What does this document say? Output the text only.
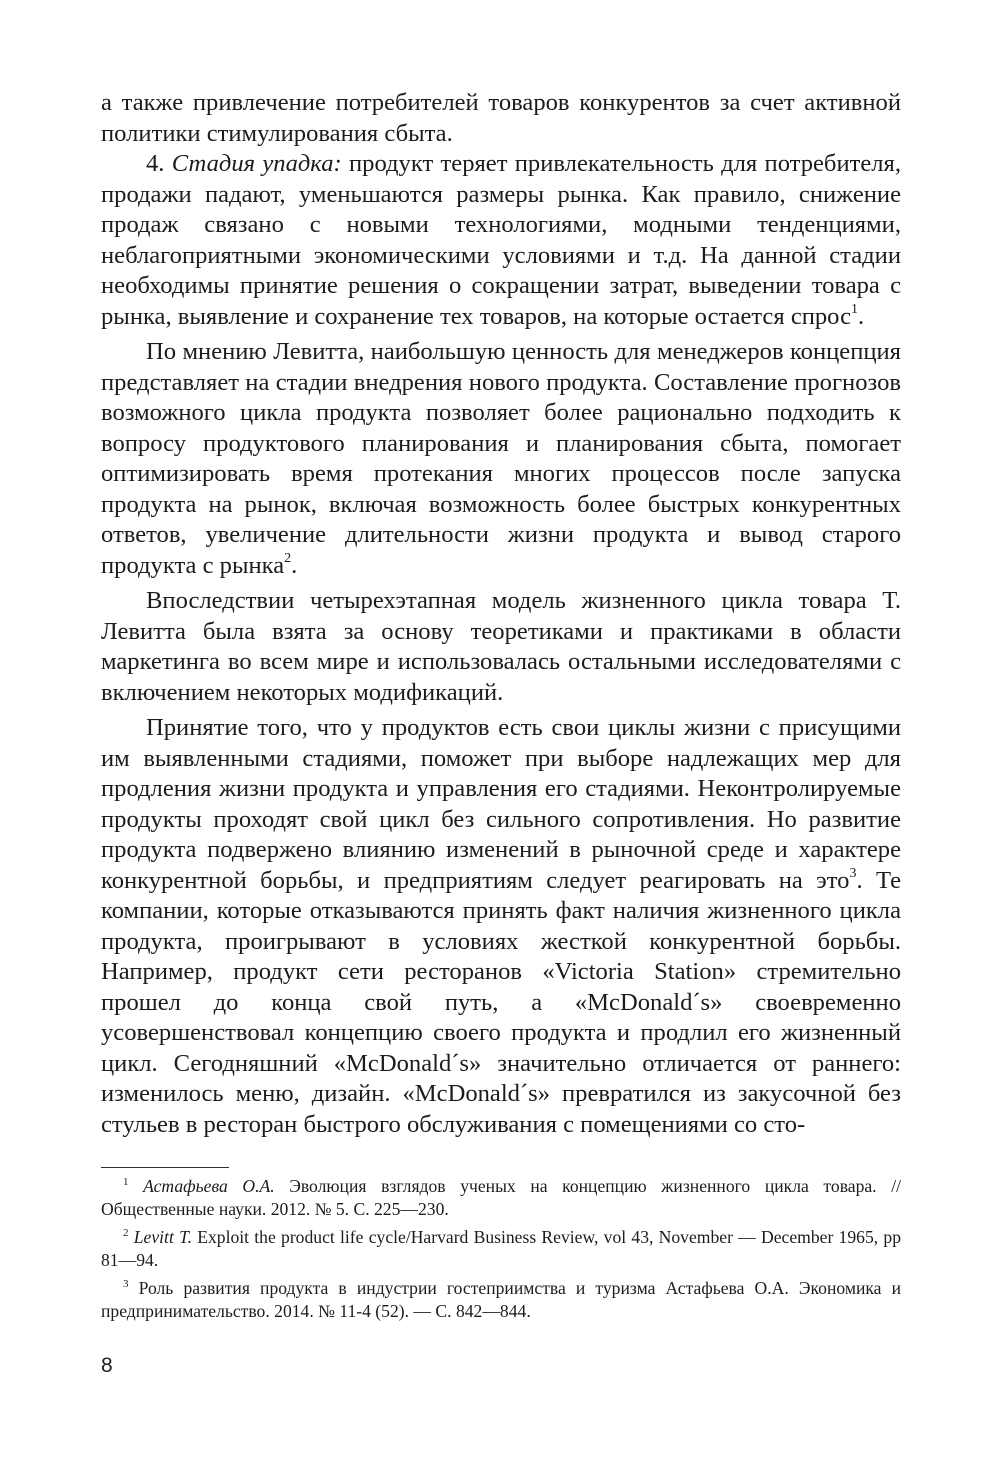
а также привлечение потребителей товаров конкурентов за счет активной политики стимулирования сбыта.

4. Стадия упадка: продукт теряет привлекательность для потребителя, продажи падают, уменьшаются размеры рынка. Как правило, снижение продаж связано с новыми технологиями, модными тенденциями, неблагоприятными экономическими условиями и т.д. На данной стадии необходимы принятие решения о сокращении затрат, выведении товара с рынка, выявление и сохранение тех товаров, на которые остается спрос$^1$.

По мнению Левитта, наибольшую ценность для менеджеров концепция представляет на стадии внедрения нового продукта. Составление прогнозов возможного цикла продукта позволяет более рационально подходить к вопросу продуктового планирования и планирования сбыта, помогает оптимизировать время протекания многих процессов после запуска продукта на рынок, включая возможность более быстрых конкурентных ответов, увеличение длительности жизни продукта и вывод старого продукта с рынка$^2$.

Впоследствии четырехэтапная модель жизненного цикла товара Т. Левитта была взята за основу теоретиками и практиками в области маркетинга во всем мире и использовалась остальными исследователями с включением некоторых модификаций.

Принятие того, что у продуктов есть свои циклы жизни с присущими им выявленными стадиями, поможет при выборе надлежащих мер для продления жизни продукта и управления его стадиями. Неконтролируемые продукты проходят свой цикл без сильного сопротивления. Но развитие продукта подвержено влиянию изменений в рыночной среде и характере конкурентной борьбы, и предприятиям следует реагировать на это$^3$. Те компании, которые отказываются принять факт наличия жизненного цикла продукта, проигрывают в условиях жесткой конкурентной борьбы. Например, продукт сети ресторанов «Victoria Station» стремительно прошел до конца свой путь, а «McDonald´s» своевременно усовершенствовал концепцию своего продукта и продлил его жизненный цикл. Сегодняшний «McDonald´s» значительно отличается от раннего: изменилось меню, дизайн. «McDonald´s» превратился из закусочной без стульев в ресторан быстрого обслуживания с помещениями со сто-

$^1$ Астафьева О.А. Эволюция взглядов ученых на концепцию жизненного цикла товара. // Общественные науки. 2012. № 5. С. 225—230.

$^2$ Levitt T. Exploit the product life cycle/Harvard Business Review, vol 43, November — December 1965, pp 81—94.

$^3$ Роль развития продукта в индустрии гостеприимства и туризма Астафьева О.А. Экономика и предпринимательство. 2014. № 11-4 (52). — С. 842—844.

8
